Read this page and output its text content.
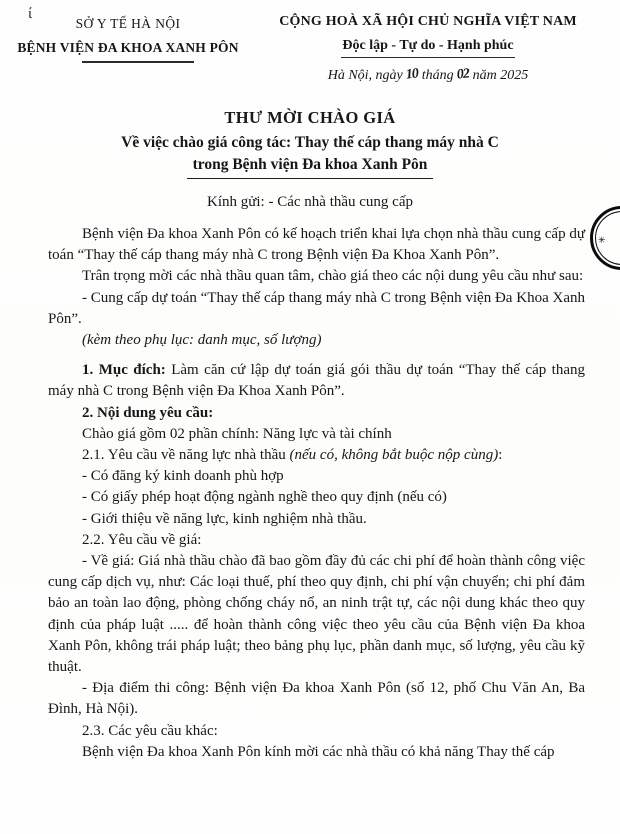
ί
SỞ Y TẾ HÀ NỘI
BỆNH VIỆN ĐA KHOA XANH PÔN
CỘNG HOÀ XÃ HỘI CHỦ NGHĨA VIỆT NAM
Độc lập - Tự do - Hạnh phúc
Hà Nội, ngày 10 tháng 02 năm 2025
THƯ MỜI CHÀO GIÁ
Về việc chào giá công tác: Thay thế cáp thang máy nhà C
trong Bệnh viện Đa khoa Xanh Pôn
Kính gửi: - Các nhà thầu cung cấp

Bệnh viện Đa khoa Xanh Pôn có kế hoạch triển khai lựa chọn nhà thầu cung cấp dự toán “Thay thế cáp thang máy nhà C trong Bệnh viện Đa Khoa Xanh Pôn”.

Trân trọng mời các nhà thầu quan tâm, chào giá theo các nội dung yêu cầu như sau:

- Cung cấp dự toán “Thay thế cáp thang máy nhà C trong Bệnh viện Đa Khoa Xanh Pôn”.

(kèm theo phụ lục: danh mục, số lượng)

1. Mục đích: Làm căn cứ lập dự toán giá gói thầu dự toán “Thay thế cáp thang máy nhà C trong Bệnh viện Đa Khoa Xanh Pôn”.

2. Nội dung yêu cầu:

Chào giá gồm 02 phần chính: Năng lực và tài chính

2.1. Yêu cầu về năng lực nhà thầu (nếu có, không bắt buộc nộp cùng):

- Có đăng ký kinh doanh phù hợp

- Có giấy phép hoạt động ngành nghề theo quy định (nếu có)

- Giới thiệu về năng lực, kinh nghiệm nhà thầu.

2.2. Yêu cầu về giá:

- Về giá: Giá nhà thầu chào đã bao gồm đầy đủ các chi phí để hoàn thành công việc cung cấp dịch vụ, như: Các loại thuế, phí theo quy định, chi phí vận chuyển; chi phí đảm bảo an toàn lao động, phòng chống cháy nổ, an ninh trật tự, các nội dung khác theo quy định của pháp luật ..... để hoàn thành công việc theo yêu cầu của Bệnh viện Đa khoa Xanh Pôn, không trái pháp luật; theo bảng phụ lục, phần danh mục, số lượng, yêu cầu kỹ thuật.

- Địa điểm thi công: Bệnh viện Đa khoa Xanh Pôn (số 12, phố Chu Văn An, Ba Đình, Hà Nội).

2.3. Các yêu cầu khác:

Bệnh viện Đa khoa Xanh Pôn kính mời các nhà thầu có khả năng Thay thế cáp

✳
